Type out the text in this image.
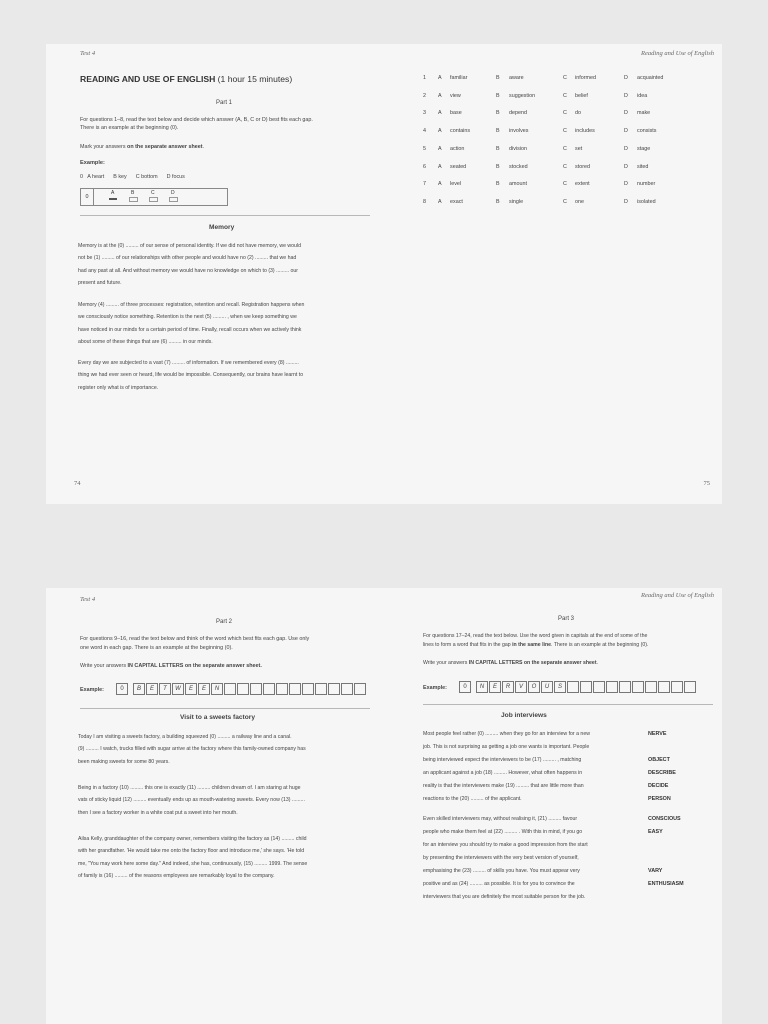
Test 4
READING AND USE OF ENGLISH (1 hour 15 minutes)
Part 1
For questions 1–8, read the text below and decide which answer (A, B, C or D) best fits each gap.
There is an example at the beginning (0).
Mark your answers on the separate answer sheet.
Example:
0   A heart      B key      C bottom      D focus
0
A	B	C	D
Memory
Memory is at the (0) ......... of our sense of personal identity. If we did not have memory, we would
not be (1) ......... of our relationships with other people and would have no (2) ......... that we had
had any past at all. And without memory we would have no knowledge on which to (3) ......... our
present and future.
Memory (4) ......... of three processes: registration, retention and recall. Registration happens when
we consciously notice something. Retention is the next (5) ......... , when we keep something we
have noticed in our minds for a certain period of time. Finally, recall occurs when we actively think
about some of these things that are (6) ......... in our minds.
Every day we are subjected to a vast (7) ......... of information. If we remembered every (8) .........
thing we had ever seen or heard, life would be impossible. Consequently, our brains have learnt to
register only what is of importance.
74
Reading and Use of English
1 A familiar	B aware	C informed	D acquainted
2 A view	B suggestion	C belief	D idea
3 A base	B depend	C do	D make
4 A contains	B involves	C includes	D consists
5 A action	B division	C set	D stage
6 A seated	B stocked	C stored	D sited
7 A level	B amount	C extent	D number
8 A exact	B single	C one	D isolated
75
Test 4
Part 2
For questions 9–16, read the text below and think of the word which best fits each gap. Use only
one word in each gap. There is an example at the beginning (0).
Write your answers IN CAPITAL LETTERS on the separate answer sheet.
Example:	0	B	E	T	W	E	E	N
Visit to a sweets factory
Today I am visiting a sweets factory, a building squeezed (0) ......... a railway line and a canal.
(9) ......... I watch, trucks filled with sugar arrive at the factory where this family-owned company has
been making sweets for some 80 years.
Being in a factory (10) ......... this one is exactly (11) ......... children dream of. I am staring at huge
vats of sticky liquid (12) ......... eventually ends up as mouth-watering sweets. Every now (13) .........
then I see a factory worker in a white coat put a sweet into her mouth.
Ailsa Kelly, granddaughter of the company owner, remembers visiting the factory as (14) ......... child
with her grandfather. 'He would take me onto the factory floor and introduce me,' she says. 'He told
me, "You may work here some day." And indeed, she has, continuously, (15) ......... 1999. The sense
of family is (16) ......... of the reasons employees are remarkably loyal to the company.
Reading and Use of English
Part 3
For questions 17–24, read the text below. Use the word given in capitals at the end of some of the
lines to form a word that fits in the gap in the same line. There is an example at the beginning (0).
Write your answers IN CAPITAL LETTERS on the separate answer sheet.
Example:	0	N	E	R	V	O	U	S
Job interviews
Most people feel rather (0) ......... when they go for an interview for a new	NERVE
job. This is not surprising as getting a job one wants is important. People
being interviewed expect the interviewers to be (17) ......... , matching	OBJECT
an applicant against a job (18) ......... However, what often happens in	DESCRIBE
reality is that the interviewers make (19) ......... that are little more than	DECIDE
reactions to the (20) ......... of the applicant.	PERSON
Even skilled interviewers may, without realising it, (21) ......... favour	CONSCIOUS
people who make them feel at (22) ......... . With this in mind, if you go	EASY
for an interview you should try to make a good impression from the start
by presenting the interviewers with the very best version of yourself,
emphasising the (23) ......... of skills you have. You must appear very	VARY
positive and as (24) ......... as possible. It is for you to convince the	ENTHUSIASM
interviewers that you are definitely the most suitable person for the job.
